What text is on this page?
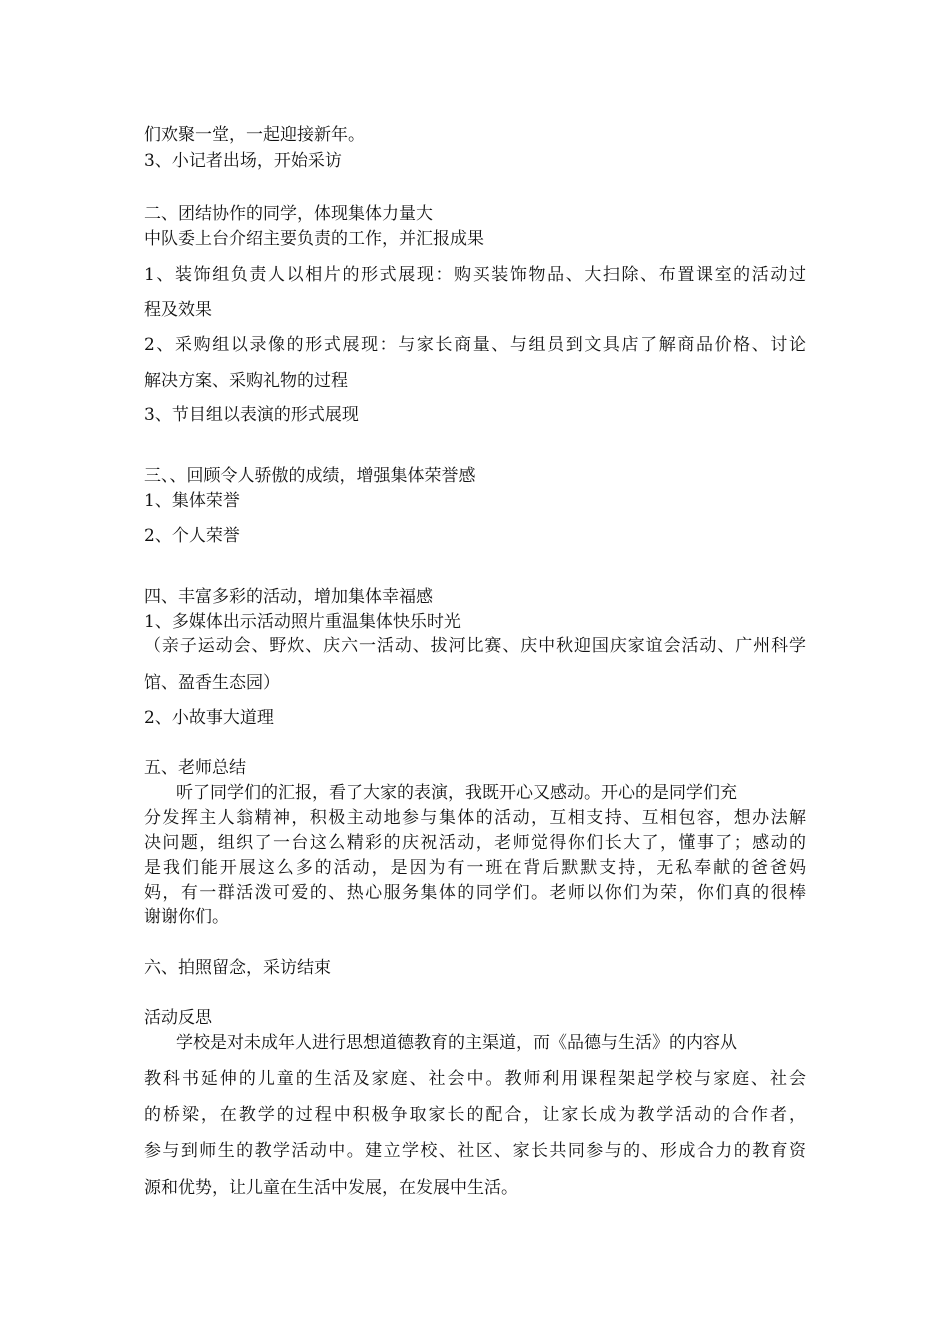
们欢聚一堂，一起迎接新年。
3、小记者出场，开始采访
二、团结协作的同学，体现集体力量大
中队委上台介绍主要负责的工作，并汇报成果
1、装饰组负责人以相片的形式展现：购买装饰物品、大扫除、布置课室的活动过
程及效果
2、采购组以录像的形式展现：与家长商量、与组员到文具店了解商品价格、讨论
解决方案、采购礼物的过程
3、节目组以表演的形式展现
三、、回顾令人骄傲的成绩，增强集体荣誉感
1、集体荣誉
2、个人荣誉
四、丰富多彩的活动，增加集体幸福感
1、多媒体出示活动照片重温集体快乐时光
（亲子运动会、野炊、庆六一活动、拔河比赛、庆中秋迎国庆家谊会活动、广州科学
馆、盈香生态园）
2、小故事大道理
五、老师总结
听了同学们的汇报，看了大家的表演，我既开心又感动。开心的是同学们充
分发挥主人翁精神，积极主动地参与集体的活动，互相支持、互相包容，想办法解
决问题，组织了一台这么精彩的庆祝活动，老师觉得你们长大了，懂事了；感动的
是我们能开展这么多的活动，是因为有一班在背后默默支持，无私奉献的爸爸妈
妈，有一群活泼可爱的、热心服务集体的同学们。老师以你们为荣，你们真的很棒
谢谢你们。
六、拍照留念，采访结束
活动反思
学校是对未成年人进行思想道德教育的主渠道，而《品德与生活》的内容从
教科书延伸的儿童的生活及家庭、社会中。教师利用课程架起学校与家庭、社会
的桥梁，在教学的过程中积极争取家长的配合，让家长成为教学活动的合作者，
参与到师生的教学活动中。建立学校、社区、家长共同参与的、形成合力的教育资
源和优势，让儿童在生活中发展，在发展中生活。
